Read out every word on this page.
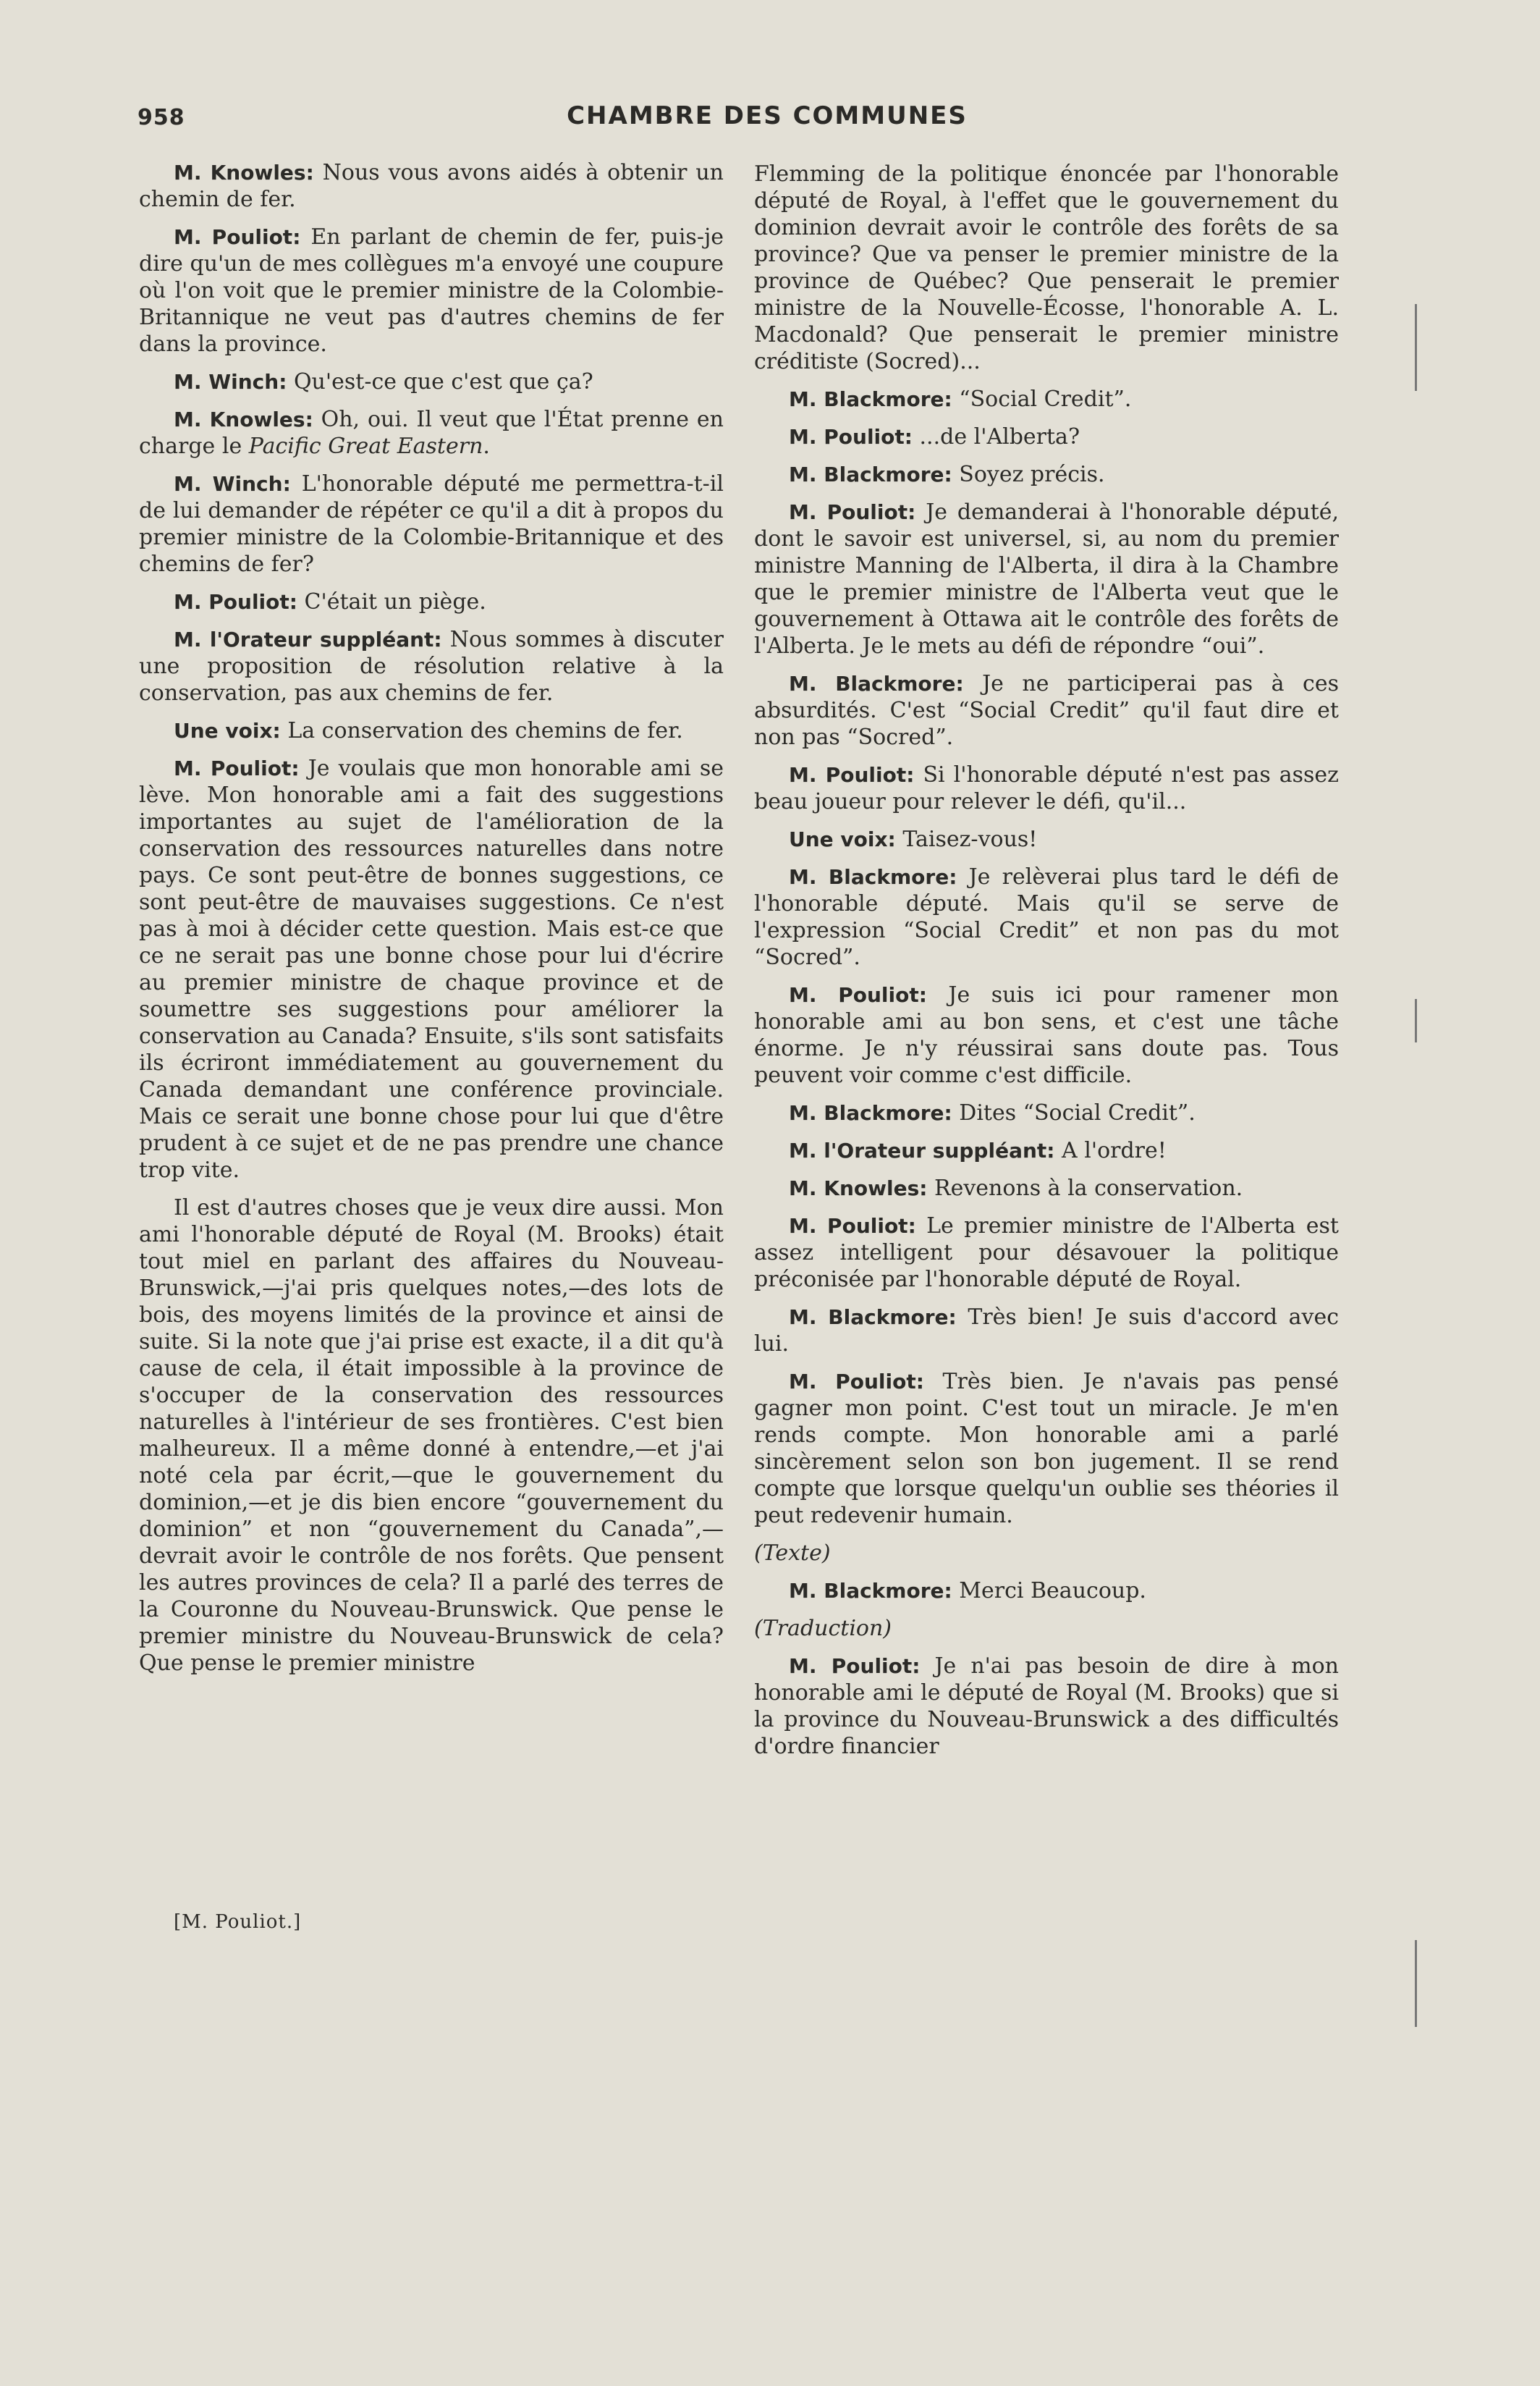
958	CHAMBRE DES COMMUNES

M. Knowles: Nous vous avons aidés à obtenir un chemin de fer.

M. Pouliot: En parlant de chemin de fer, puis-je dire qu'un de mes collègues m'a envoyé une coupure où l'on voit que le premier ministre de la Colombie-Britannique ne veut pas d'autres chemins de fer dans la province.

M. Winch: Qu'est-ce que c'est que ça?

M. Knowles: Oh, oui. Il veut que l'État prenne en charge le Pacific Great Eastern.

M. Winch: L'honorable député me permettra-t-il de lui demander de répéter ce qu'il a dit à propos du premier ministre de la Colombie-Britannique et des chemins de fer?

M. Pouliot: C'était un piège.

M. l'Orateur suppléant: Nous sommes à discuter une proposition de résolution relative à la conservation, pas aux chemins de fer.

Une voix: La conservation des chemins de fer.

M. Pouliot: Je voulais que mon honorable ami se lève. Mon honorable ami a fait des suggestions importantes au sujet de l'amélioration de la conservation des ressources naturelles dans notre pays. Ce sont peut-être de bonnes suggestions, ce sont peut-être de mauvaises suggestions. Ce n'est pas à moi à décider cette question. Mais est-ce que ce ne serait pas une bonne chose pour lui d'écrire au premier ministre de chaque province et de soumettre ses suggestions pour améliorer la conservation au Canada? Ensuite, s'ils sont satisfaits ils écriront immédiatement au gouvernement du Canada demandant une conférence provinciale. Mais ce serait une bonne chose pour lui que d'être prudent à ce sujet et de ne pas prendre une chance trop vite.

Il est d'autres choses que je veux dire aussi. Mon ami l'honorable député de Royal (M. Brooks) était tout miel en parlant des affaires du Nouveau-Brunswick,—j'ai pris quelques notes,—des lots de bois, des moyens limités de la province et ainsi de suite. Si la note que j'ai prise est exacte, il a dit qu'à cause de cela, il était impossible à la province de s'occuper de la conservation des ressources naturelles à l'intérieur de ses frontières. C'est bien malheureux. Il a même donné à entendre,—et j'ai noté cela par écrit,—que le gouvernement du dominion,—et je dis bien encore “gouvernement du dominion” et non “gouvernement du Canada”,—devrait avoir le contrôle de nos forêts. Que pensent les autres provinces de cela? Il a parlé des terres de la Couronne du Nouveau-Brunswick. Que pense le premier ministre du Nouveau-Brunswick de cela? Que pense le premier ministre

Flemming de la politique énoncée par l'honorable député de Royal, à l'effet que le gouvernement du dominion devrait avoir le contrôle des forêts de sa province? Que va penser le premier ministre de la province de Québec? Que penserait le premier ministre de la Nouvelle-Écosse, l'honorable A. L. Macdonald? Que penserait le premier ministre créditiste (Socred)...

M. Blackmore: “Social Credit”.

M. Pouliot: ...de l'Alberta?

M. Blackmore: Soyez précis.

M. Pouliot: Je demanderai à l'honorable député, dont le savoir est universel, si, au nom du premier ministre Manning de l'Alberta, il dira à la Chambre que le premier ministre de l'Alberta veut que le gouvernement à Ottawa ait le contrôle des forêts de l'Alberta. Je le mets au défi de répondre “oui”.

M. Blackmore: Je ne participerai pas à ces absurdités. C'est “Social Credit” qu'il faut dire et non pas “Socred”.

M. Pouliot: Si l'honorable député n'est pas assez beau joueur pour relever le défi, qu'il...

Une voix: Taisez-vous!

M. Blackmore: Je relèverai plus tard le défi de l'honorable député. Mais qu'il se serve de l'expression “Social Credit” et non pas du mot “Socred”.

M. Pouliot: Je suis ici pour ramener mon honorable ami au bon sens, et c'est une tâche énorme. Je n'y réussirai sans doute pas. Tous peuvent voir comme c'est difficile.

M. Blackmore: Dites “Social Credit”.

M. l'Orateur suppléant: A l'ordre!

M. Knowles: Revenons à la conservation.

M. Pouliot: Le premier ministre de l'Alberta est assez intelligent pour désavouer la politique préconisée par l'honorable député de Royal.

M. Blackmore: Très bien! Je suis d'accord avec lui.

M. Pouliot: Très bien. Je n'avais pas pensé gagner mon point. C'est tout un miracle. Je m'en rends compte. Mon honorable ami a parlé sincèrement selon son bon jugement. Il se rend compte que lorsque quelqu'un oublie ses théories il peut redevenir humain.

(Texte)

M. Blackmore: Merci Beaucoup.

(Traduction)

M. Pouliot: Je n'ai pas besoin de dire à mon honorable ami le député de Royal (M. Brooks) que si la province du Nouveau-Brunswick a des difficultés d'ordre financier

[M. Pouliot.]
